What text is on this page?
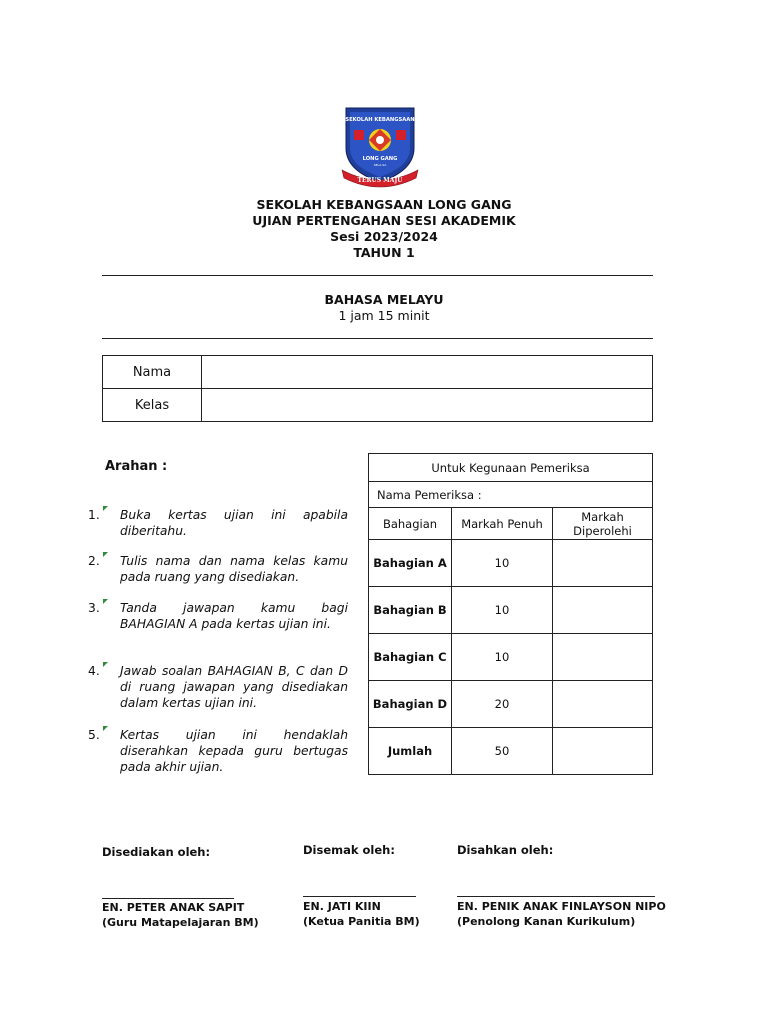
SEKOLAH KEBANGSAAN
LONG GANG
SELA.SA
TERUS MAJU
SEKOLAH KEBANGSAAN LONG GANG
UJIAN PERTENGAHAN SESI AKADEMIK
Sesi 2023/2024
TAHUN 1
BAHASA MELAYU
1 jam 15 minit
Nama	
Kelas	
Arahan :
1. Buka kertas ujian ini apabila diberitahu.
2. Tulis nama dan nama kelas kamu pada ruang yang disediakan.
3. Tanda jawapan kamu bagi BAHAGIAN A pada kertas ujian ini.
4. Jawab soalan BAHAGIAN B, C dan D di ruang jawapan yang disediakan dalam kertas ujian ini.
5. Kertas ujian ini hendaklah diserahkan kepada guru bertugas pada akhir ujian.
Untuk Kegunaan Pemeriksa		
Nama Pemeriksa :		
Bahagian	Markah Penuh	Markah Diperolehi
Bahagian A	10	
Bahagian B	10	
Bahagian C	10	
Bahagian D	20	
Jumlah	50	
Disediakan oleh:	Disemak oleh:	Disahkan oleh:
EN. PETER ANAK SAPIT
(Guru Matapelajaran BM)
EN. JATI KIIN
(Ketua Panitia BM)
EN. PENIK ANAK FINLAYSON NIPO
(Penolong Kanan Kurikulum)
